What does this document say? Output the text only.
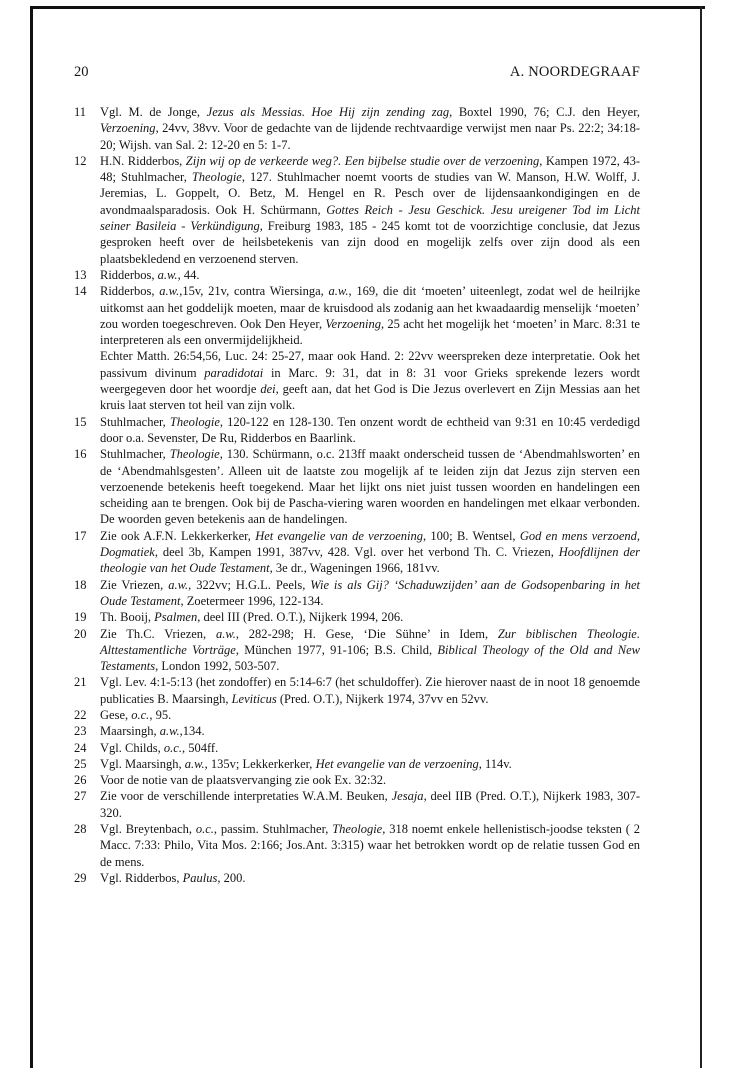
20	A. NOORDEGRAAF
11	Vgl. M. de Jonge, Jezus als Messias. Hoe Hij zijn zending zag, Boxtel 1990, 76; C.J. den Heyer, Verzoening, 24vv, 38vv. Voor de gedachte van de lijdende rechtvaardige verwijst men naar Ps. 22:2; 34:18-20; Wijsh. van Sal. 2: 12-20 en 5: 1-7.
12	H.N. Ridderbos, Zijn wij op de verkeerde weg?. Een bijbelse studie over de verzoening, Kampen 1972, 43-48; Stuhlmacher, Theologie, 127. Stuhlmacher noemt voorts de studies van W. Manson, H.W. Wolff, J. Jeremias, L. Goppelt, O. Betz, M. Hengel en R. Pesch over de lijdensaankondigingen en de avondmaalsparadosis. Ook H. Schürmann, Gottes Reich - Jesu Geschick. Jesu ureigener Tod im Licht seiner Basileia - Verkündigung, Freiburg 1983, 185 - 245 komt tot de voorzichtige conclusie, dat Jezus gesproken heeft over de heilsbetekenis van zijn dood en mogelijk zelfs over zijn dood als een plaatsbekledend en verzoenend sterven.
13	Ridderbos, a.w., 44.
14	Ridderbos, a.w.,15v, 21v, contra Wiersinga, a.w., 169, die dit ‘moeten’ uiteenlegt, zodat wel de heilrijke uitkomst aan het goddelijk moeten, maar de kruisdood als zodanig aan het kwaadaardig menselijk ‘moeten’ zou worden toegeschreven. Ook Den Heyer, Verzoening, 25 acht het mogelijk het ‘moeten’ in Marc. 8:31 te interpreteren als een onvermijdelijkheid.
Echter Matth. 26:54,56, Luc. 24: 25-27, maar ook Hand. 2: 22vv weerspreken deze interpretatie. Ook het passivum divinum paradidotai in Marc. 9: 31, dat in 8: 31 voor Grieks sprekende lezers wordt weergegeven door het woordje dei, geeft aan, dat het God is Die Jezus overlevert en Zijn Messias aan het kruis laat sterven tot heil van zijn volk.
15	Stuhlmacher, Theologie, 120-122 en 128-130. Ten onzent wordt de echtheid van 9:31 en 10:45 verdedigd door o.a. Sevenster, De Ru, Ridderbos en Baarlink.
16	Stuhlmacher, Theologie, 130. Schürmann, o.c. 213ff maakt onderscheid tussen de ‘Abendmahlsworten’ en de ‘Abendmahlsgesten’. Alleen uit de laatste zou mogelijk af te leiden zijn dat Jezus zijn sterven een verzoenende betekenis heeft toegekend. Maar het lijkt ons niet juist tussen woorden en handelingen een scheiding aan te brengen. Ook bij de Pascha-viering waren woorden en handelingen met elkaar verbonden. De woorden geven betekenis aan de handelingen.
17	Zie ook A.F.N. Lekkerkerker, Het evangelie van de verzoening, 100; B. Wentsel, God en mens verzoend, Dogmatiek, deel 3b, Kampen 1991, 387vv, 428. Vgl. over het verbond Th. C. Vriezen, Hoofdlijnen der theologie van het Oude Testament, 3e dr., Wageningen 1966, 181vv.
18	Zie Vriezen, a.w., 322vv; H.G.L. Peels, Wie is als Gij? ‘Schaduwzijden’ aan de Godsopenbaring in het Oude Testament, Zoetermeer 1996, 122-134.
19	Th. Booij, Psalmen, deel III (Pred. O.T.), Nijkerk 1994, 206.
20	Zie Th.C. Vriezen, a.w., 282-298; H. Gese, ‘Die Sühne’ in Idem, Zur biblischen Theologie. Alttestamentliche Vorträge, München 1977, 91-106; B.S. Child, Biblical Theology of the Old and New Testaments, London 1992, 503-507.
21	Vgl. Lev. 4:1-5:13 (het zondoffer) en 5:14-6:7 (het schuldoffer). Zie hierover naast de in noot 18 genoemde publicaties B. Maarsingh, Leviticus (Pred. O.T.), Nijkerk 1974, 37vv en 52vv.
22	Gese, o.c., 95.
23	Maarsingh, a.w.,134.
24	Vgl. Childs, o.c., 504ff.
25	Vgl. Maarsingh, a.w., 135v; Lekkerkerker, Het evangelie van de verzoening, 114v.
26	Voor de notie van de plaatsvervanging zie ook Ex. 32:32.
27	Zie voor de verschillende interpretaties W.A.M. Beuken, Jesaja, deel IIB (Pred. O.T.), Nijkerk 1983, 307-320.
28	Vgl. Breytenbach, o.c., passim. Stuhlmacher, Theologie, 318 noemt enkele hellenistisch-joodse teksten ( 2 Macc. 7:33: Philo, Vita Mos. 2:166; Jos.Ant. 3:315) waar het betrokken wordt op de relatie tussen God en de mens.
29	Vgl. Ridderbos, Paulus, 200.
